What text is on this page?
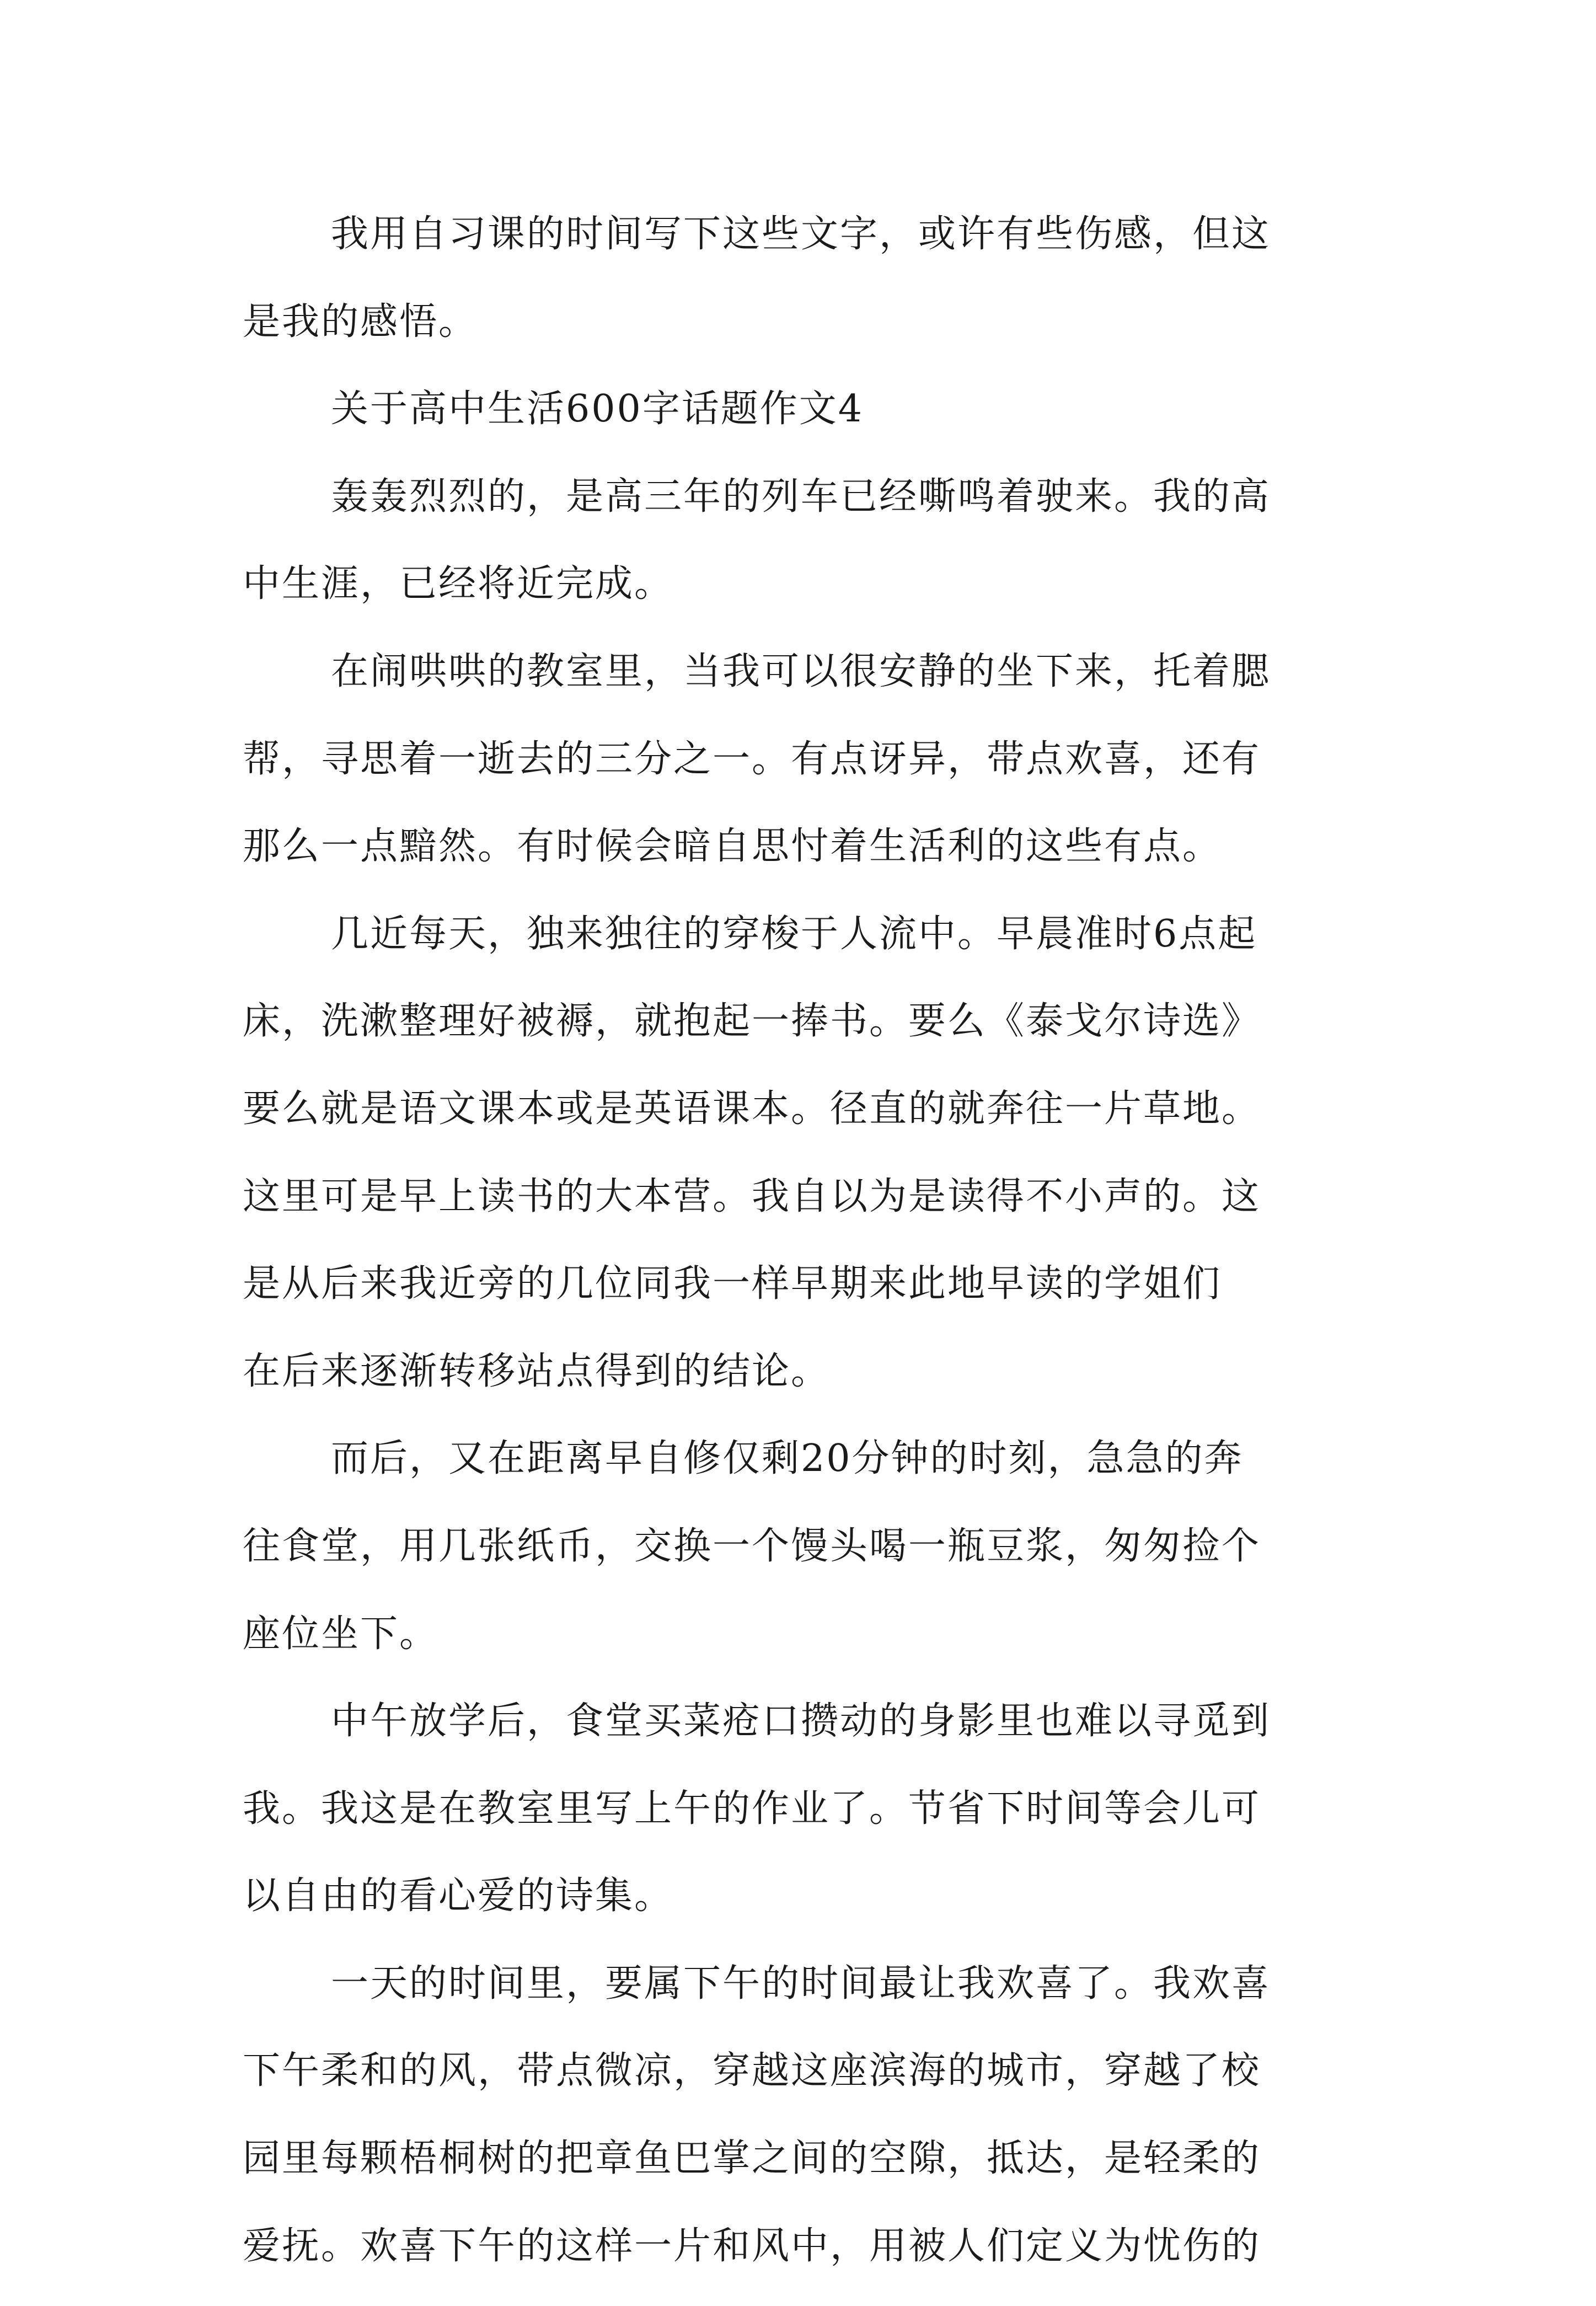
我用自习课的时间写下这些文字，或许有些伤感，但这
是我的感悟。
关于高中生活600字话题作文4
轰轰烈烈的，是高三年的列车已经嘶鸣着驶来。我的高
中生涯，已经将近完成。
在闹哄哄的教室里，当我可以很安静的坐下来，托着腮
帮，寻思着一逝去的三分之一。有点讶异，带点欢喜，还有
那么一点黯然。有时候会暗自思忖着生活利的这些有点。
几近每天，独来独往的穿梭于人流中。早晨准时6点起
床，洗漱整理好被褥，就抱起一捧书。要么《泰戈尔诗选》
要么就是语文课本或是英语课本。径直的就奔往一片草地。
这里可是早上读书的大本营。我自以为是读得不小声的。这
是从后来我近旁的几位同我一样早期来此地早读的学姐们
在后来逐渐转移站点得到的结论。
而后，又在距离早自修仅剩20分钟的时刻，急急的奔
往食堂，用几张纸币，交换一个馒头喝一瓶豆浆，匆匆捡个
座位坐下。
中午放学后，食堂买菜疮口攒动的身影里也难以寻觅到
我。我这是在教室里写上午的作业了。节省下时间等会儿可
以自由的看心爱的诗集。
一天的时间里，要属下午的时间最让我欢喜了。我欢喜
下午柔和的风，带点微凉，穿越这座滨海的城市，穿越了校
园里每颗梧桐树的把章鱼巴掌之间的空隙，抵达，是轻柔的
爱抚。欢喜下午的这样一片和风中，用被人们定义为忧伤的
